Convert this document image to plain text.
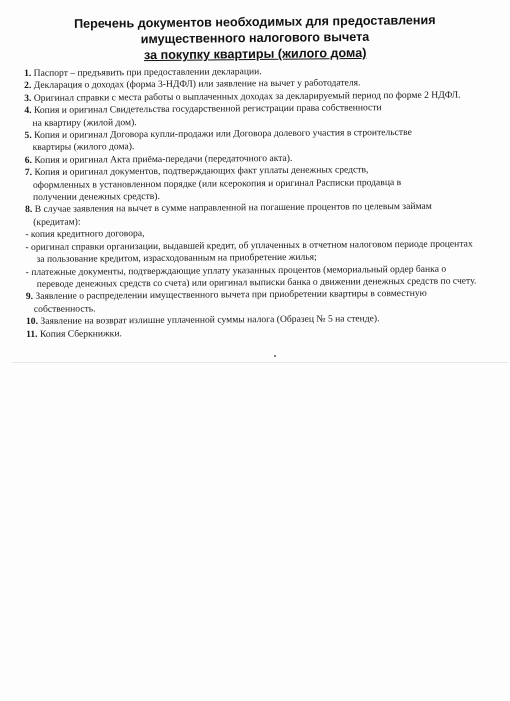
Перечень документов необходимых для предоставления
имущественного налогового вычета
за покупку квартиры (жилого дома)
1. Паспорт – предъявить при предоставлении декларации.
2. Декларация о доходах (форма 3-НДФЛ) или заявление на вычет у работодателя.
3. Оригинал справки с места работы о выплаченных доходах за декларируемый период по форме 2 НДФЛ.
4. Копия и оригинал Свидетельства государственной регистрации права собственности
на квартиру (жилой дом).
5. Копия и оригинал Договора купли-продажи или Договора долевого участия в строительстве
квартиры (жилого дома).
6. Копия и оригинал Акта приёма-передачи (передаточного акта).
7. Копия и оригинал документов, подтверждающих факт уплаты денежных средств,
оформленных в установленном порядке (или ксерокопия и оригинал Расписки продавца в
получении денежных средств).
8. В случае заявления на вычет в сумме направленной на погашение процентов по целевым займам
(кредитам):
- копия кредитного договора,
- оригинал справки организации, выдавшей кредит, об уплаченных в отчетном налоговом периоде процентах
за пользование кредитом, израсходованным на приобретение жилья;
- платежные документы, подтверждающие уплату указанных процентов (мемориальный ордер банка о
переводе денежных средств со счета) или оригинал выписки банка о движении денежных средств по счету.
9. Заявление о распределении имущественного вычета при приобретении квартиры в совместную
собственность.
10. Заявление на возврат излишне уплаченной суммы налога (Образец № 5 на стенде).
11. Копия Сберкнижки.
